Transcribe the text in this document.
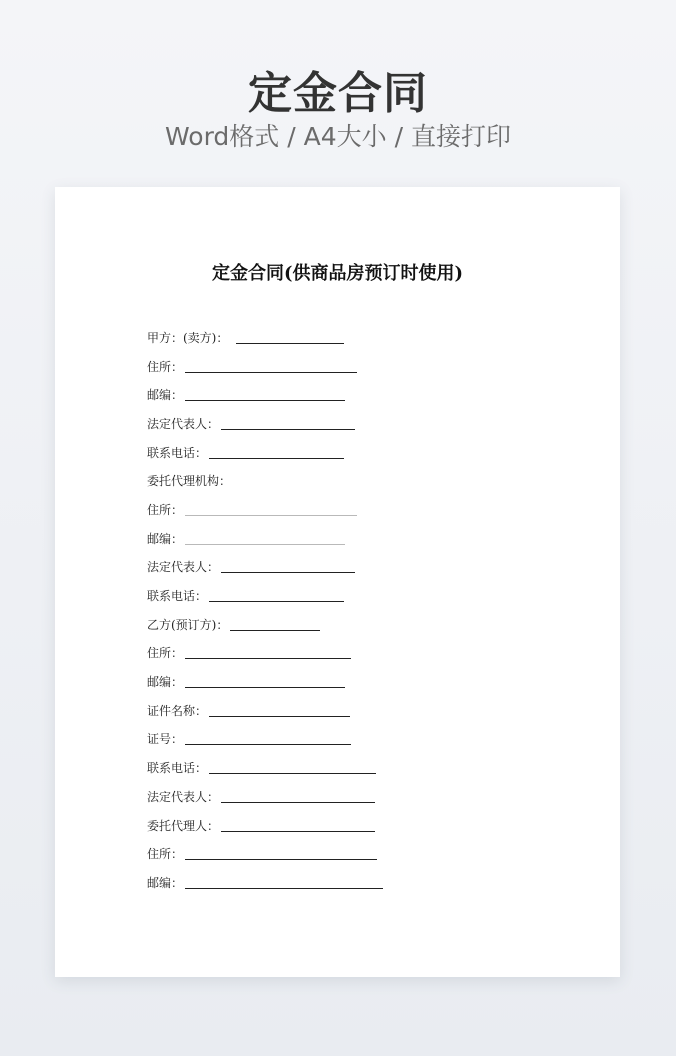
定金合同
Word格式 / A4大小 / 直接打印
定金合同(供商品房预订时使用)
甲方：(卖方)：
住所：
邮编：
法定代表人：
联系电话：
委托代理机构：
住所：
邮编：
法定代表人：
联系电话：
乙方(预订方)：
住所：
邮编：
证件名称：
证号：
联系电话：
法定代表人：
委托代理人：
住所：
邮编：
